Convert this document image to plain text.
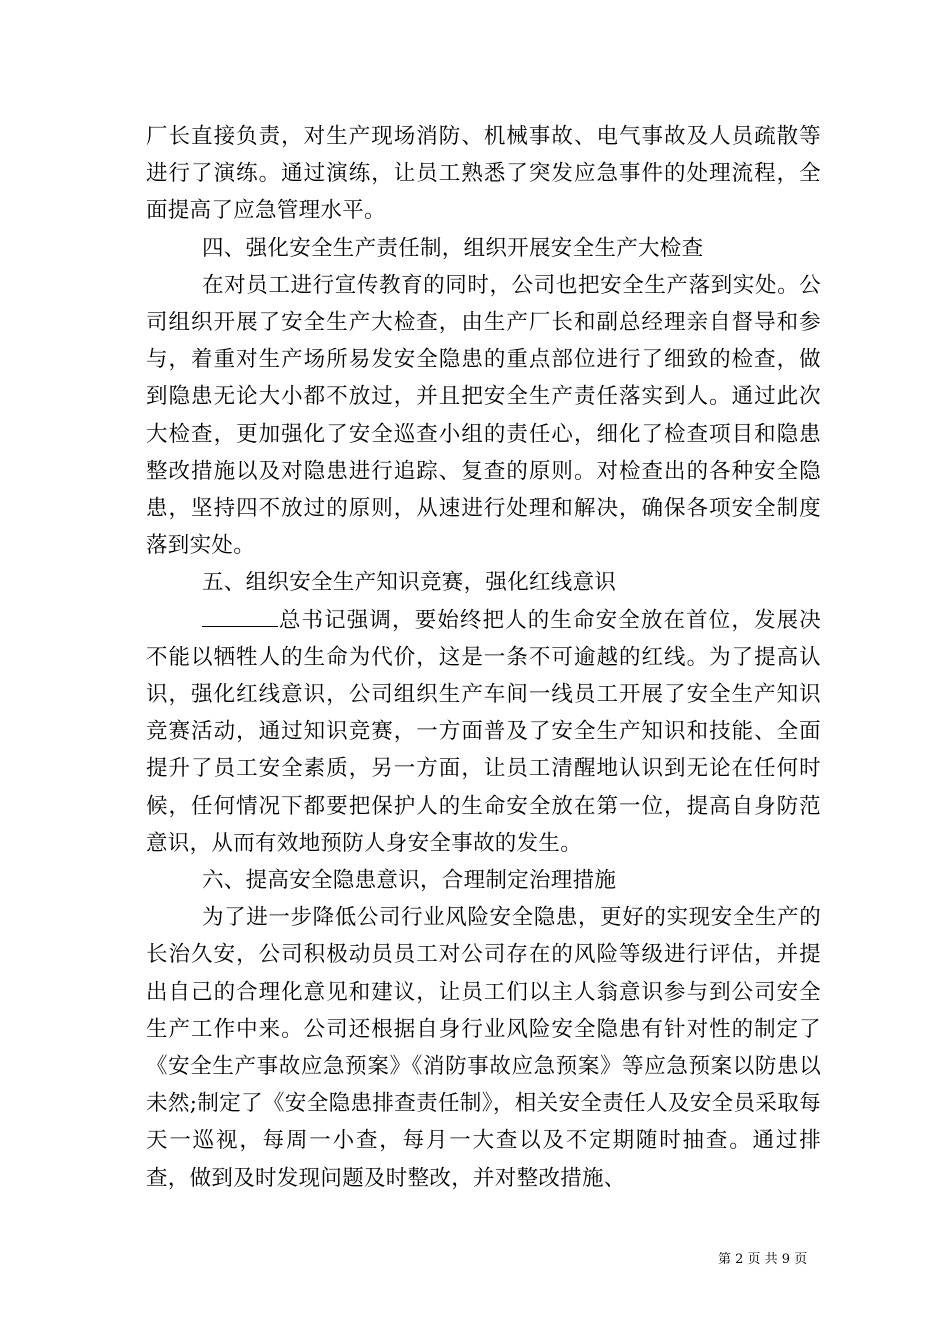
厂长直接负责，对生产现场消防、机械事故、电气事故及人员疏散等进行了演练。通过演练，让员工熟悉了突发应急事件的处理流程，全面提高了应急管理水平。

四、强化安全生产责任制，组织开展安全生产大检查

在对员工进行宣传教育的同时，公司也把安全生产落到实处。公司组织开展了安全生产大检查，由生产厂长和副总经理亲自督导和参与，着重对生产场所易发安全隐患的重点部位进行了细致的检查，做到隐患无论大小都不放过，并且把安全生产责任落实到人。通过此次大检查，更加强化了安全巡查小组的责任心，细化了检查项目和隐患整改措施以及对隐患进行追踪、复查的原则。对检查出的各种安全隐患，坚持四不放过的原则，从速进行处理和解决，确保各项安全制度落到实处。

五、组织安全生产知识竞赛，强化红线意识

总书记强调，要始终把人的生命安全放在首位，发展决不能以牺牲人的生命为代价，这是一条不可逾越的红线。为了提高认识，强化红线意识，公司组织生产车间一线员工开展了安全生产知识竞赛活动，通过知识竞赛，一方面普及了安全生产知识和技能、全面提升了员工安全素质，另一方面，让员工清醒地认识到无论在任何时候，任何情况下都要把保护人的生命安全放在第一位，提高自身防范意识，从而有效地预防人身安全事故的发生。

六、提高安全隐患意识，合理制定治理措施

为了进一步降低公司行业风险安全隐患，更好的实现安全生产的长治久安，公司积极动员员工对公司存在的风险等级进行评估，并提出自己的合理化意见和建议，让员工们以主人翁意识参与到公司安全生产工作中来。公司还根据自身行业风险安全隐患有针对性的制定了《安全生产事故应急预案》《消防事故应急预案》等应急预案以防患以未然;制定了《安全隐患排查责任制》，相关安全责任人及安全员采取每天一巡视，每周一小查，每月一大查以及不定期随时抽查。通过排查，做到及时发现问题及时整改，并对整改措施、

第 2 页 共 9 页
